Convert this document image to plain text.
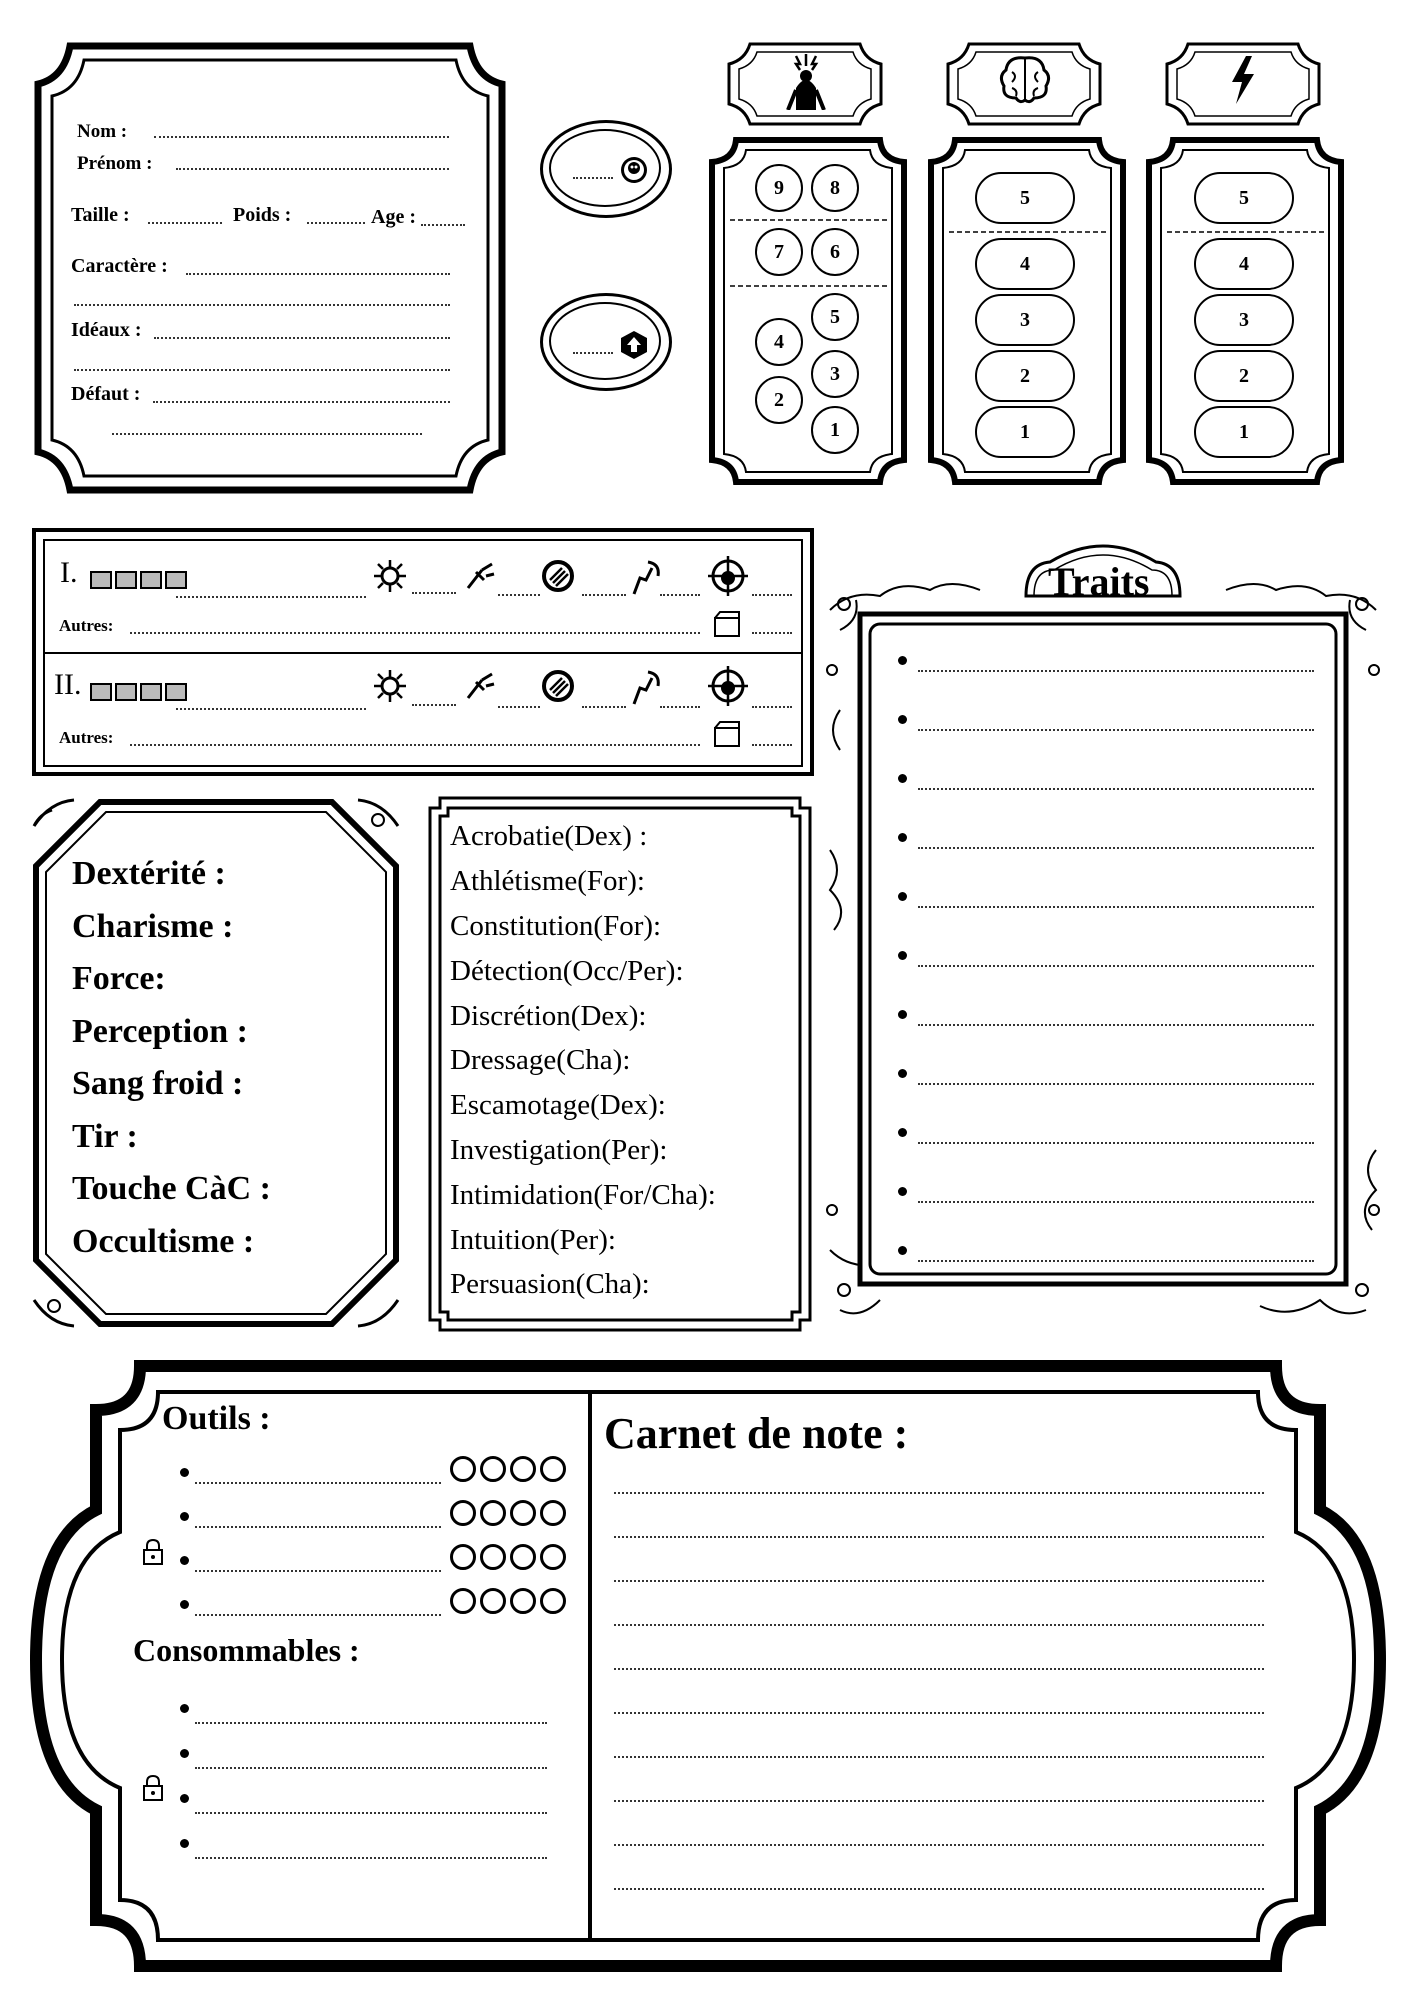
Nom :
Prénom :
Taille :	Poids :	Age :
Caractère :
Idéaux :
Défaut :
9	8
7	6
5
4
3
2
1
5
4
3
2
1
5
4
3
2
1
I.
Autres:
II.
Autres:
Dextérité :
Charisme :
Force:
Perception :
Sang froid :
Tir :
Touche CàC :
Occultisme :
Acrobatie(Dex) :
Athlétisme(For):
Constitution(For):
Détection(Occ/Per):
Discrétion(Dex):
Dressage(Cha):
Escamotage(Dex):
Investigation(Per):
Intimidation(For/Cha):
Intuition(Per):
Persuasion(Cha):
Traits
Outils :
Consommables :
Carnet de note :
